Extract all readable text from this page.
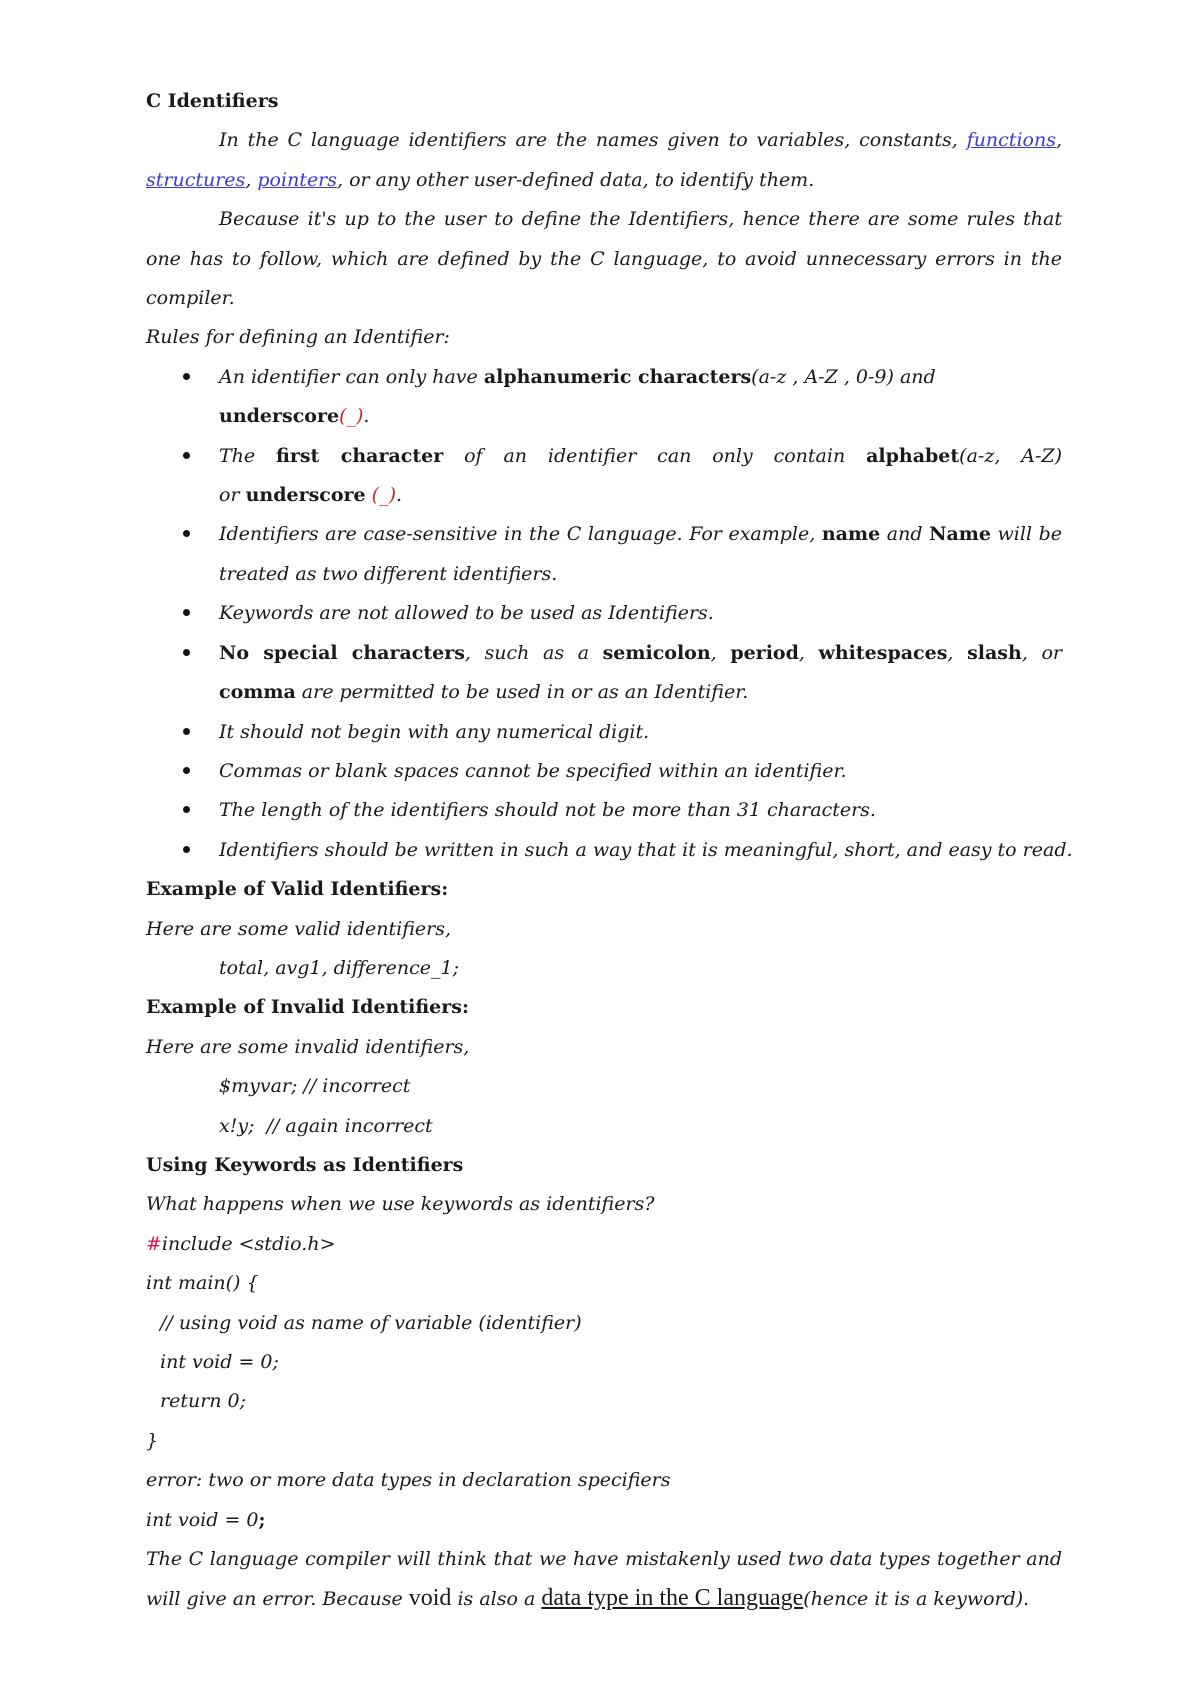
C Identifiers

In the C language identifiers are the names given to variables, constants, functions, structures, pointers, or any other user-defined data, to identify them.

Because it's up to the user to define the Identifiers, hence there are some rules that one has to follow, which are defined by the C language, to avoid unnecessary errors in the compiler.

Rules for defining an Identifier:

An identifier can only have alphanumeric characters(a-z , A-Z , 0-9) and underscore(_).
The first character of an identifier can only contain alphabet(a-z, A-Z)
or underscore (_).
Identifiers are case-sensitive in the C language. For example, name and Name will be treated as two different identifiers.
Keywords are not allowed to be used as Identifiers.
No special characters, such as a semicolon, period, whitespaces, slash, or comma are permitted to be used in or as an Identifier.
It should not begin with any numerical digit.
Commas or blank spaces cannot be specified within an identifier.
The length of the identifiers should not be more than 31 characters.
Identifiers should be written in such a way that it is meaningful, short, and easy to read.

Example of Valid Identifiers:

Here are some valid identifiers,

total, avg1, difference_1;

Example of Invalid Identifiers:

Here are some invalid identifiers,

$myvar; // incorrect

x!y;  // again incorrect

Using Keywords as Identifiers

What happens when we use keywords as identifiers?

#include <stdio.h>

int main() {

// using void as name of variable (identifier)

int void = 0;

return 0;

}

error: two or more data types in declaration specifiers

int void = 0;

The C language compiler will think that we have mistakenly used two data types together and will give an error. Because void is also a data type in the C language(hence it is a keyword).
